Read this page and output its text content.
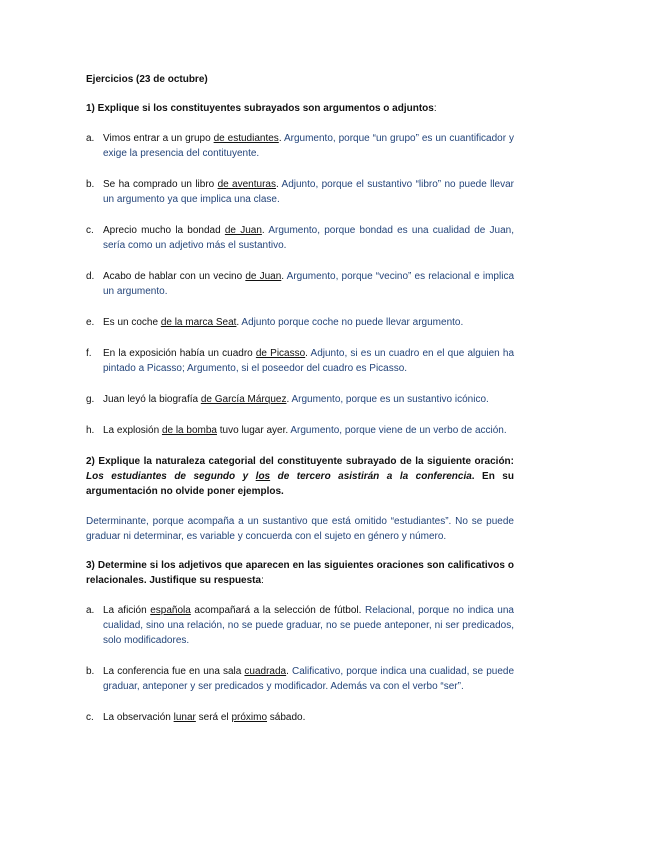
Ejercicios (23 de octubre)
1) Explique si los constituyentes subrayados son argumentos o adjuntos:
a. Vimos entrar a un grupo de estudiantes. Argumento, porque “un grupo” es un cuantificador y exige la presencia del contituyente.
b. Se ha comprado un libro de aventuras. Adjunto, porque el sustantivo “libro” no puede llevar un argumento ya que implica una clase.
c. Aprecio mucho la bondad de Juan. Argumento, porque bondad es una cualidad de Juan, sería como un adjetivo más el sustantivo.
d. Acabo de hablar con un vecino de Juan. Argumento, porque “vecino” es relacional e implica un argumento.
e. Es un coche de la marca Seat. Adjunto porque coche no puede llevar argumento.
f.	En la exposición había un cuadro de Picasso. Adjunto, si es un cuadro en el que alguien ha pintado a Picasso; Argumento, si el poseedor del cuadro es Picasso.
g. Juan leyó la biografía de García Márquez. Argumento, porque es un sustantivo icónico.
h. La explosión de la bomba tuvo lugar ayer. Argumento, porque viene de un verbo de acción.
2) Explique la naturaleza categorial del constituyente subrayado de la siguiente oración: Los estudiantes de segundo y los de tercero asistirán a la conferencia. En su argumentación no olvide poner ejemplos.
Determinante, porque acompaña a un sustantivo que está omitido “estudiantes”. No se puede graduar ni determinar, es variable y concuerda con el sujeto en género y número.
3) Determine si los adjetivos que aparecen en las siguientes oraciones son calificativos o relacionales. Justifique su respuesta:
a. La afición española acompañará a la selección de fútbol. Relacional, porque no indica una cualidad, sino una relación, no se puede graduar, no se puede anteponer, ni ser predicados, solo modificadores.
b. La conferencia fue en una sala cuadrada. Calificativo, porque indica una cualidad, se puede graduar, anteponer y ser predicados y modificador. Además va con el verbo “ser”.
c. La observación lunar será el próximo sábado.
